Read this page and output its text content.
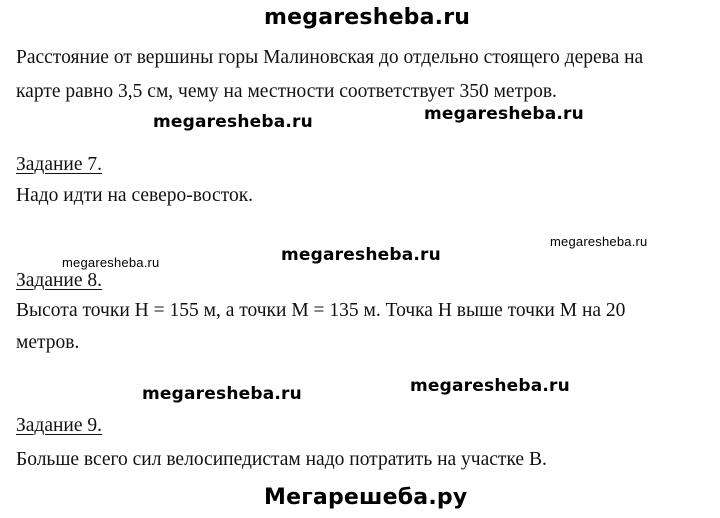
megaresheba.ru
Расстояние от вершины горы Малиновская до отдельно стоящего дерева на
карте равно 3,5 см, чему на местности соответствует 350 метров.
megaresheba.ru	megaresheba.ru
Задание 7.
Надо идти на северо-восток.
megaresheba.ru	megaresheba.ru
megaresheba.ru
Задание 8.
Высота точки Н = 155 м, а точки М = 135 м. Точка Н выше точки М на 20
метров.
megaresheba.ru	megaresheba.ru
Задание 9.
Больше всего сил велосипедистам надо потратить на участке В.
Мегарешеба.ру
